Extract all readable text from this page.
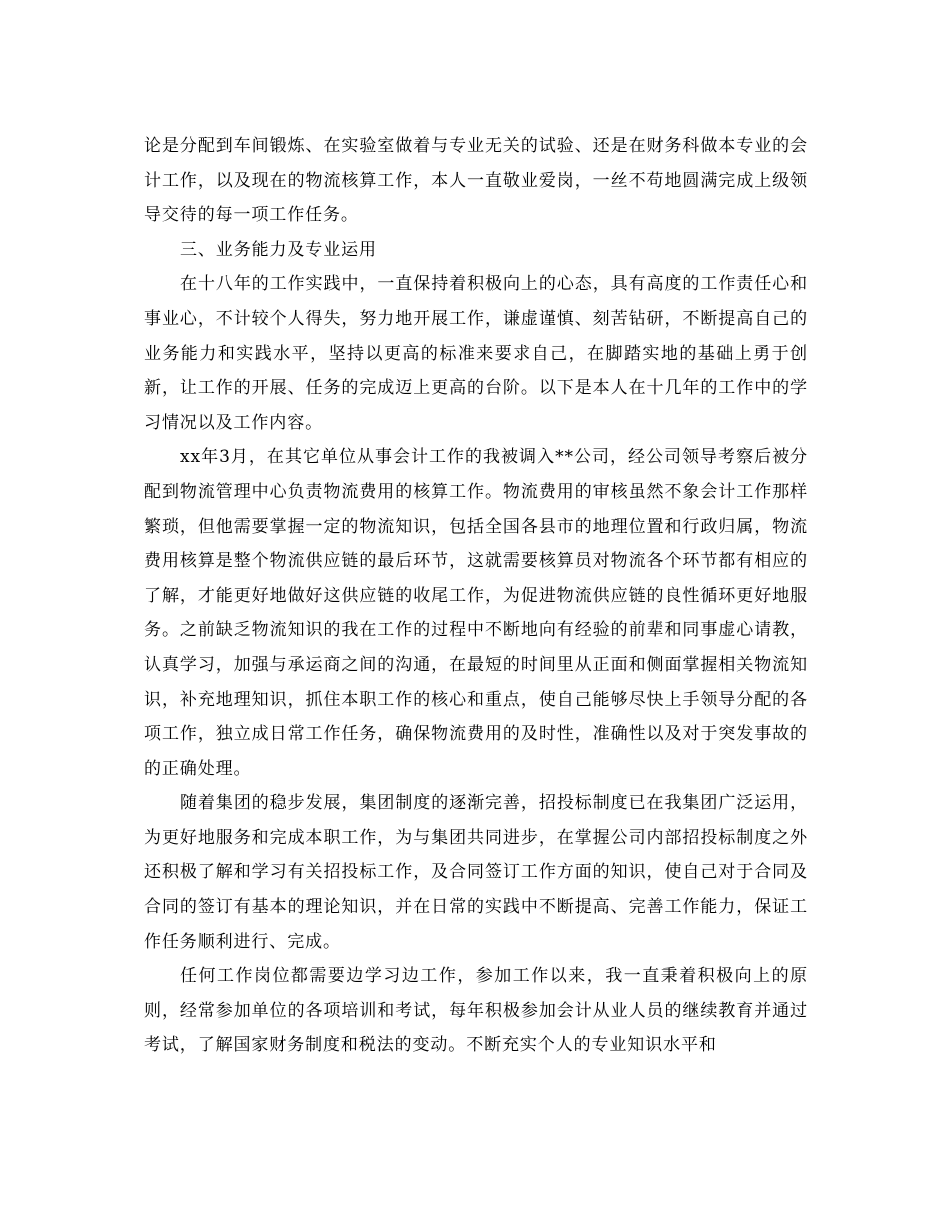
论是分配到车间锻炼、在实验室做着与专业无关的试验、还是在财务科做本专业的会计工作，以及现在的物流核算工作，本人一直敬业爱岗，一丝不苟地圆满完成上级领导交待的每一项工作任务。

三、业务能力及专业运用

在十八年的工作实践中，一直保持着积极向上的心态，具有高度的工作责任心和事业心，不计较个人得失，努力地开展工作，谦虚谨慎、刻苦钻研，不断提高自己的业务能力和实践水平，坚持以更高的标准来要求自己，在脚踏实地的基础上勇于创新，让工作的开展、任务的完成迈上更高的台阶。以下是本人在十几年的工作中的学习情况以及工作内容。

xx年3月，在其它单位从事会计工作的我被调入**公司，经公司领导考察后被分配到物流管理中心负责物流费用的核算工作。物流费用的审核虽然不象会计工作那样繁琐，但他需要掌握一定的物流知识，包括全国各县市的地理位置和行政归属，物流费用核算是整个物流供应链的最后环节，这就需要核算员对物流各个环节都有相应的了解，才能更好地做好这供应链的收尾工作，为促进物流供应链的良性循环更好地服务。之前缺乏物流知识的我在工作的过程中不断地向有经验的前辈和同事虚心请教，认真学习，加强与承运商之间的沟通，在最短的时间里从正面和侧面掌握相关物流知识，补充地理知识，抓住本职工作的核心和重点，使自己能够尽快上手领导分配的各项工作，独立成日常工作任务，确保物流费用的及时性，准确性以及对于突发事故的的正确处理。

随着集团的稳步发展，集团制度的逐渐完善，招投标制度已在我集团广泛运用，为更好地服务和完成本职工作，为与集团共同进步，在掌握公司内部招投标制度之外还积极了解和学习有关招投标工作，及合同签订工作方面的知识，使自己对于合同及合同的签订有基本的理论知识，并在日常的实践中不断提高、完善工作能力，保证工作任务顺利进行、完成。

任何工作岗位都需要边学习边工作，参加工作以来，我一直秉着积极向上的原则，经常参加单位的各项培训和考试，每年积极参加会计从业人员的继续教育并通过考试，了解国家财务制度和税法的变动。不断充实个人的专业知识水平和
